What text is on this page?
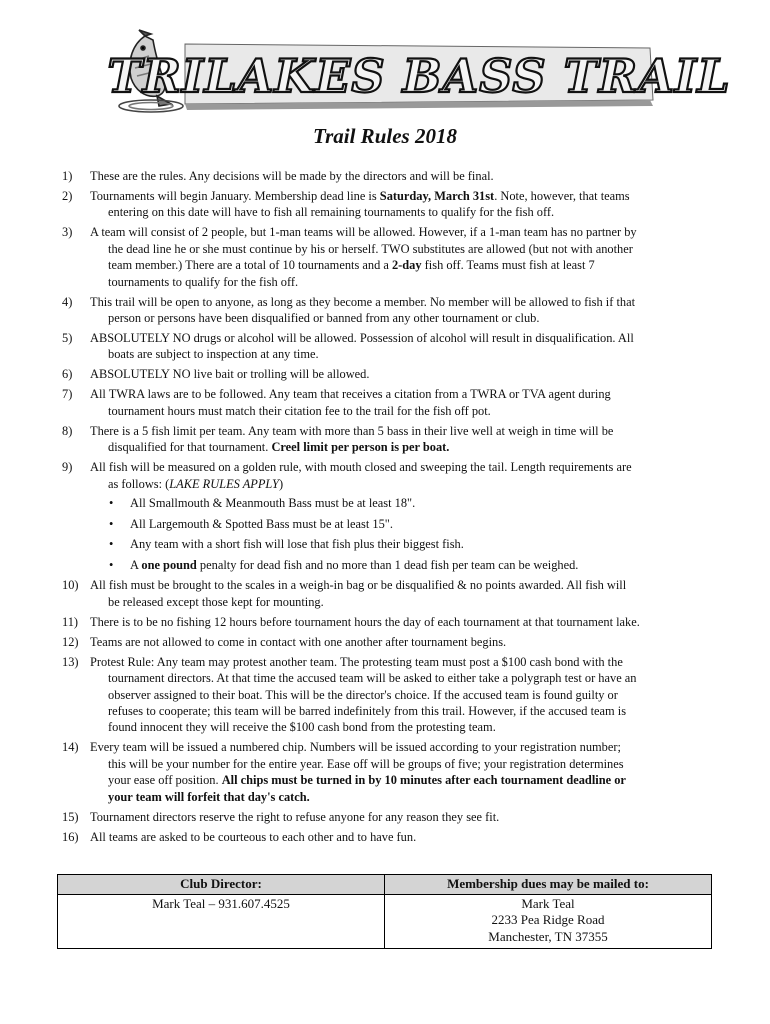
TRILAKES BASS TRAIL
Trail Rules 2018
1) These are the rules. Any decisions will be made by the directors and will be final.
2) Tournaments will begin January. Membership dead line is Saturday, March 31st. Note, however, that teams
entering on this date will have to fish all remaining tournaments to qualify for the fish off.
3) A team will consist of 2 people, but 1-man teams will be allowed. However, if a 1-man team has no partner by
the dead line he or she must continue by his or herself. TWO substitutes are allowed (but not with another
team member.) There are a total of 10 tournaments and a 2-day fish off. Teams must fish at least 7
tournaments to qualify for the fish off.
4) This trail will be open to anyone, as long as they become a member. No member will be allowed to fish if that
person or persons have been disqualified or banned from any other tournament or club.
5) ABSOLUTELY NO drugs or alcohol will be allowed. Possession of alcohol will result in disqualification. All
boats are subject to inspection at any time.
6) ABSOLUTELY NO live bait or trolling will be allowed.
7) All TWRA laws are to be followed. Any team that receives a citation from a TWRA or TVA agent during
tournament hours must match their citation fee to the trail for the fish off pot.
8) There is a 5 fish limit per team. Any team with more than 5 bass in their live well at weigh in time will be
disqualified for that tournament. Creel limit per person is per boat.
9) All fish will be measured on a golden rule, with mouth closed and sweeping the tail. Length requirements are
as follows: (LAKE RULES APPLY)
• All Smallmouth & Meanmouth Bass must be at least 18".
• All Largemouth & Spotted Bass must be at least 15".
• Any team with a short fish will lose that fish plus their biggest fish.
• A one pound penalty for dead fish and no more than 1 dead fish per team can be weighed.
10) All fish must be brought to the scales in a weigh-in bag or be disqualified & no points awarded. All fish will
be released except those kept for mounting.
11) There is to be no fishing 12 hours before tournament hours the day of each tournament at that tournament lake.
12) Teams are not allowed to come in contact with one another after tournament begins.
13) Protest Rule: Any team may protest another team. The protesting team must post a $100 cash bond with the
tournament directors. At that time the accused team will be asked to either take a polygraph test or have an
observer assigned to their boat. This will be the director's choice. If the accused team is found guilty or
refuses to cooperate; this team will be barred indefinitely from this trail. However, if the accused team is
found innocent they will receive the $100 cash bond from the protesting team.
14) Every team will be issued a numbered chip. Numbers will be issued according to your registration number;
this will be your number for the entire year. Ease off will be groups of five; your registration determines
your ease off position. All chips must be turned in by 10 minutes after each tournament deadline or
your team will forfeit that day's catch.
15) Tournament directors reserve the right to refuse anyone for any reason they see fit.
16) All teams are asked to be courteous to each other and to have fun.
Club Director:	Membership dues may be mailed to:
Mark Teal – 931.607.4525	Mark Teal
2233 Pea Ridge Road
Manchester, TN 37355
